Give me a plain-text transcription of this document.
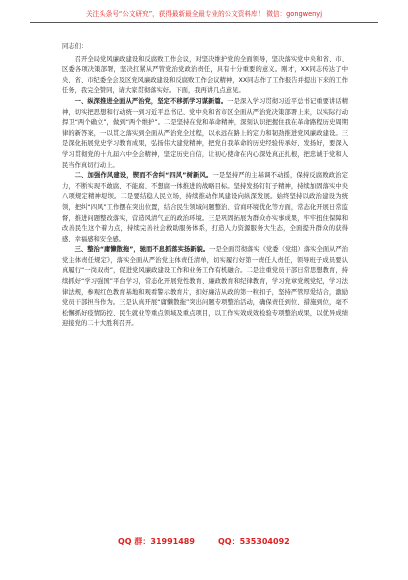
关注头条号“公文研究”，获得最新最全最专业的公文资料库！ 微信：gongwenyj

同志们：

召开全局党风廉政建设和反腐败工作会议，对坚决维护党的全面领导，坚决落实党中央和省、市、区委各项决策部署，坚决扛紧从严管党治党政治责任，具有十分重要的意义。刚才，XX同志传达了中央、省、市纪委全会及区党风廉政建设和反腐败工作会议精神，XX同志作了工作报告并提出下来的工作任务，我完全赞同，请大家贯彻落实好。下面，我再讲几点意见。

一、纵深推进全面从严治党，坚定不移抓学习谋新篇。一是深入学习贯彻习近平总书记重要讲话精神，切实把思想和行动统一到习近平总书记、党中央和省市区全面从严治党决策部署上来，以实际行动捍卫“两个确立”，做到“两个维护”。二是坚持在党和革命精神，深刻认识把握住我在革命路程历史周期律的新答案，一以贯之落实到全面从严治党全过程，以永远在路上的定力和韧劲推进党风廉政建设。三是深化拓展党史学习教育成果，弘扬伟大建党精神，把党自我革命的历史经验传承好、发扬好，要深入学习贯彻党的十九届六中全会精神，坚定历史自信，让初心使命在内心深处真正扎根，把忠诚于党和人民当作真切行动上。

二、加强作风建设，锲而不舍纠“四风”树新风。一是坚持严的主基调不动摇，保持反腐败政治定力，不断实现不敢腐、不能腐、不想腐一体推进的战略目标。坚持发扬钉钉子精神，持续加固落实中央八项规定精神堤坝。二是要结稳人民立场，持续推动作风建设向纵深发展。始终坚持以政治建设为统领，把纠“四风”工作摆在突出位置，结合民生领域问题整治、营商环境优化等方面，常态化开展日常监督，推进问题整改落实，营造风清气正的政治环境。三是巩固拓展为群众办实事成果，牢牢扭住保障和改善民生这个着力点，持续完善社会救助服务体系，打造人力资源服务大生态，全面提升群众的获得感、幸福感和安全感。

三、整治“庸懒散拖”，驰而不息抓落实扬新貌。一是全面贯彻落实《党委（党组）落实全面从严治党主体责任规定》，落实全面从严治党主体责任清单，切实履行好第一责任人责任，领导班子成员要认真履行“一岗双责”，促进党风廉政建设工作和业务工作有机融合。二是注重党员干部日常思想教育，持续抓好“学习强国”平台学习，常态化开展党性教育、廉政教育和纪律教育，学习党章党规党纪，学习法律法规，参观红色教育基地和观看警示教育片，扣好廉洁从政的第一粒扣子，坚持严管厚爱结合，激励党员干部担当作为。三是认真开展“庸懒散拖”突出问题专项整治活动，确保责任到位、措施到位，毫不松懈抓好疫情防控、民生就业等重点领域及重点项目，以工作实效成效检验专项整治成果，以优异成绩迎接党的二十大胜利召开。

QQ 群：31991489	QQ：535304092
